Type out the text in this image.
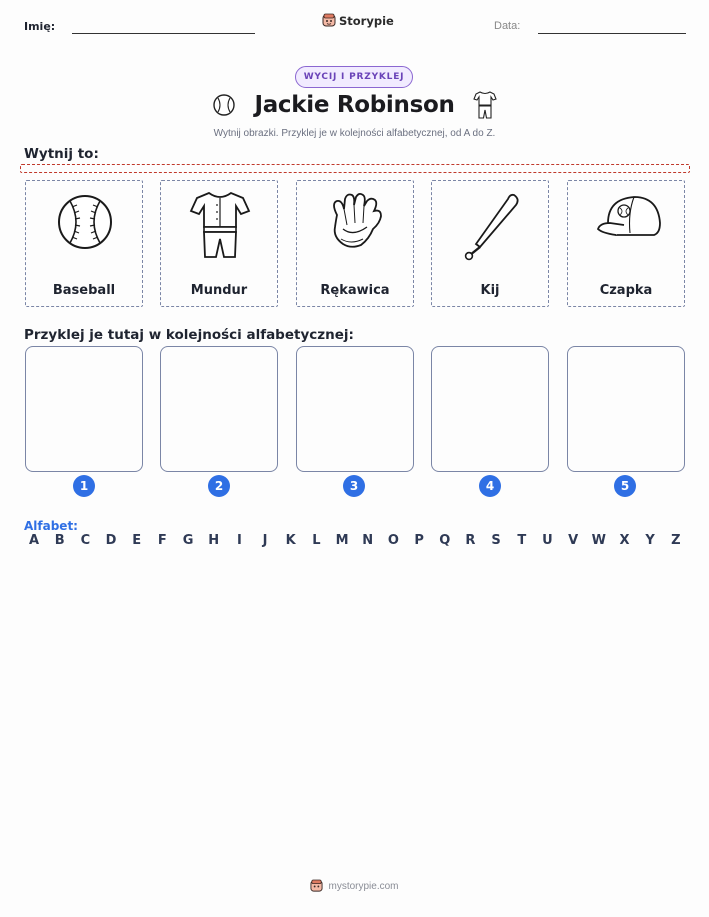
Imię:	Storypie	Data:
WYCIJ I PRZYKLEJ
Jackie Robinson
Wytnij obrazki. Przyklej je w kolejności alfabetycznej, od A do Z.
Wytnij to:
Baseball	Mundur	Rękawica	Kij	Czapka
Przyklej je tutaj w kolejności alfabetycznej:
1	2	3	4	5
Alfabet:
A	B	C	D	E	F	G H	I	J	K	L	M N O	P	Q	R	S	T	U	V	W	X	Y	Z
mystorypie.com
